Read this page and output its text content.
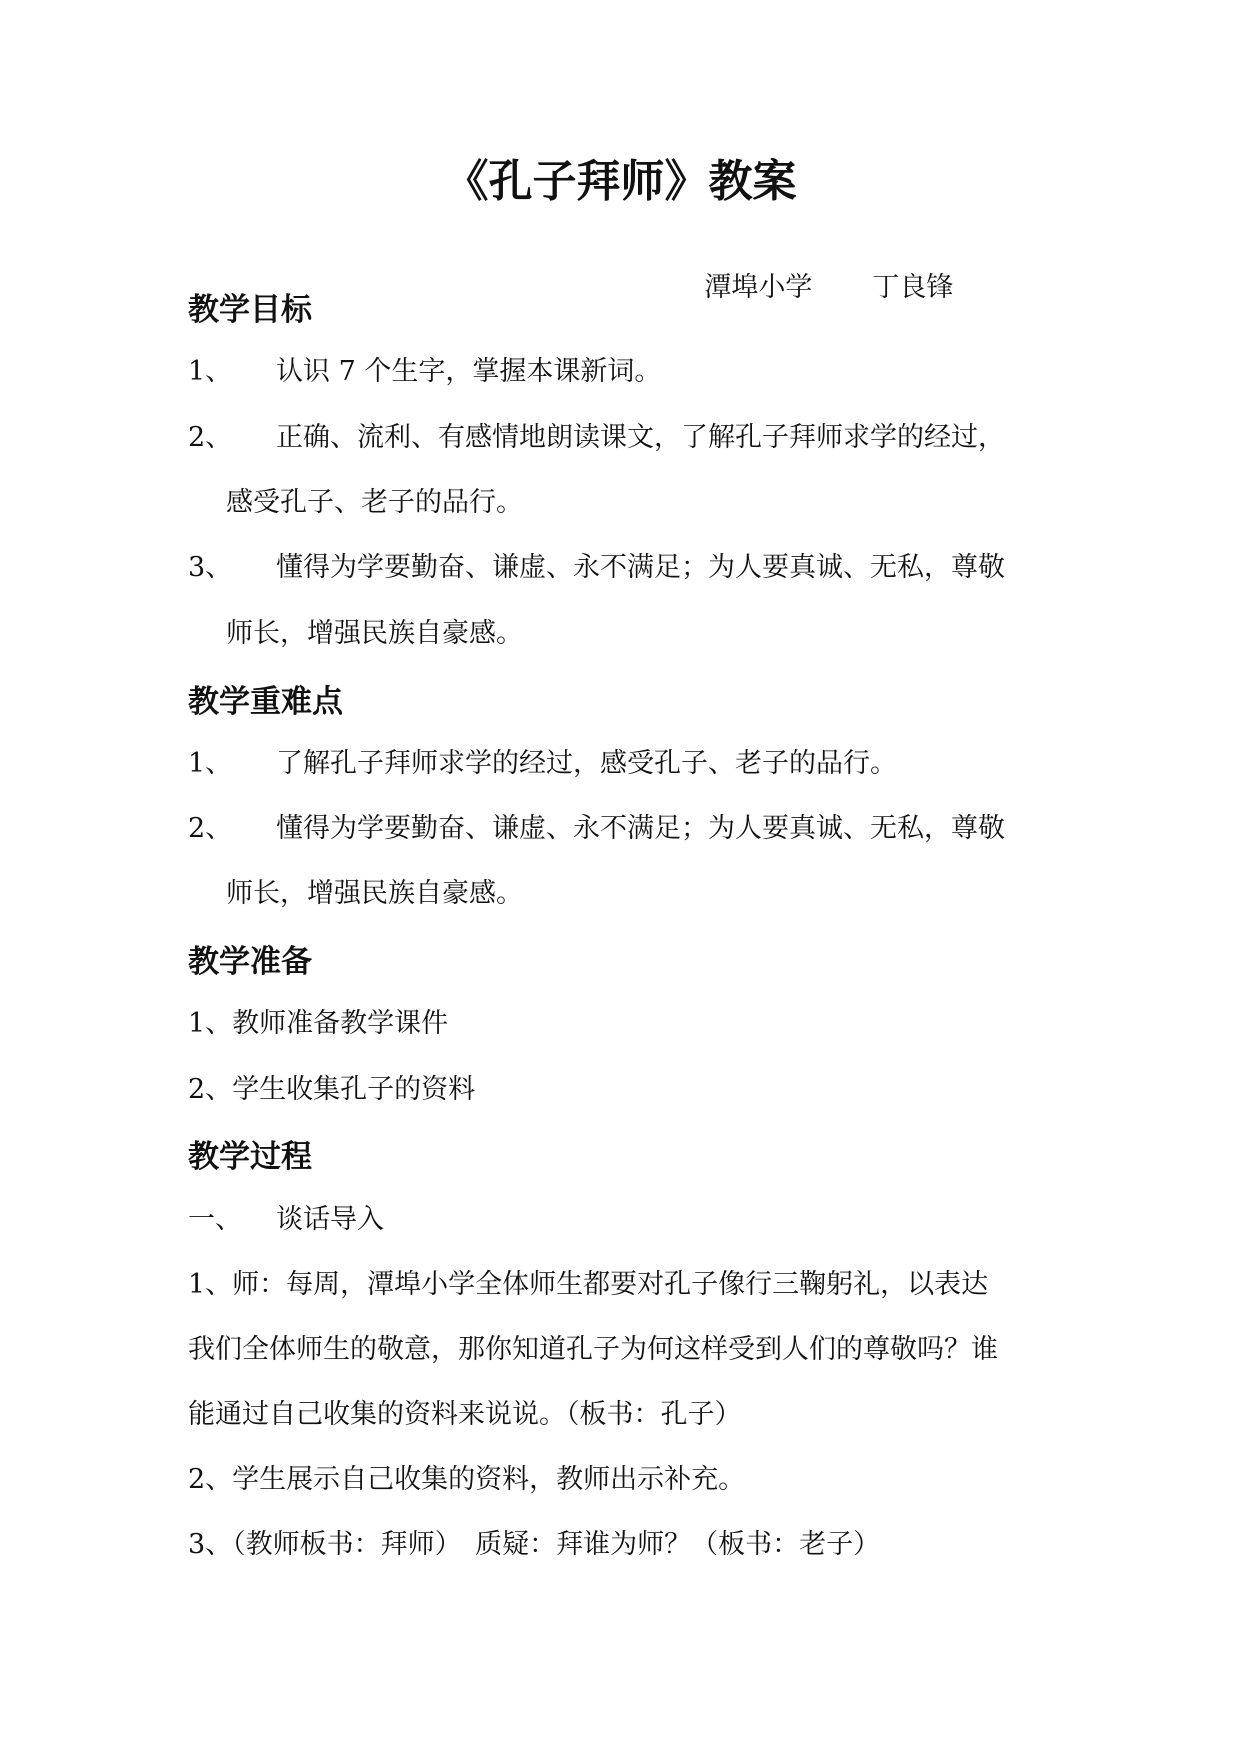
《孔子拜师》教案

潭埠小学 丁良锋

教学目标
1、 认识 7 个生字，掌握本课新词。
2、 正确、流利、有感情地朗读课文，了解孔子拜师求学的经过，
感受孔子、老子的品行。
3、 懂得为学要勤奋、谦虚、永不满足；为人要真诚、无私，尊敬
师长，增强民族自豪感。
教学重难点
1、 了解孔子拜师求学的经过，感受孔子、老子的品行。
2、 懂得为学要勤奋、谦虚、永不满足；为人要真诚、无私，尊敬
师长，增强民族自豪感。
教学准备
1、教师准备教学课件
2、学生收集孔子的资料
教学过程
一、 谈话导入
1、师：每周，潭埠小学全体师生都要对孔子像行三鞠躬礼，以表达
我们全体师生的敬意，那你知道孔子为何这样受到人们的尊敬吗？谁
能通过自己收集的资料来说说。（板书：孔子）
2、学生展示自己收集的资料，教师出示补充。
3、（教师板书：拜师）　质疑：拜谁为师？（板书：老子）
